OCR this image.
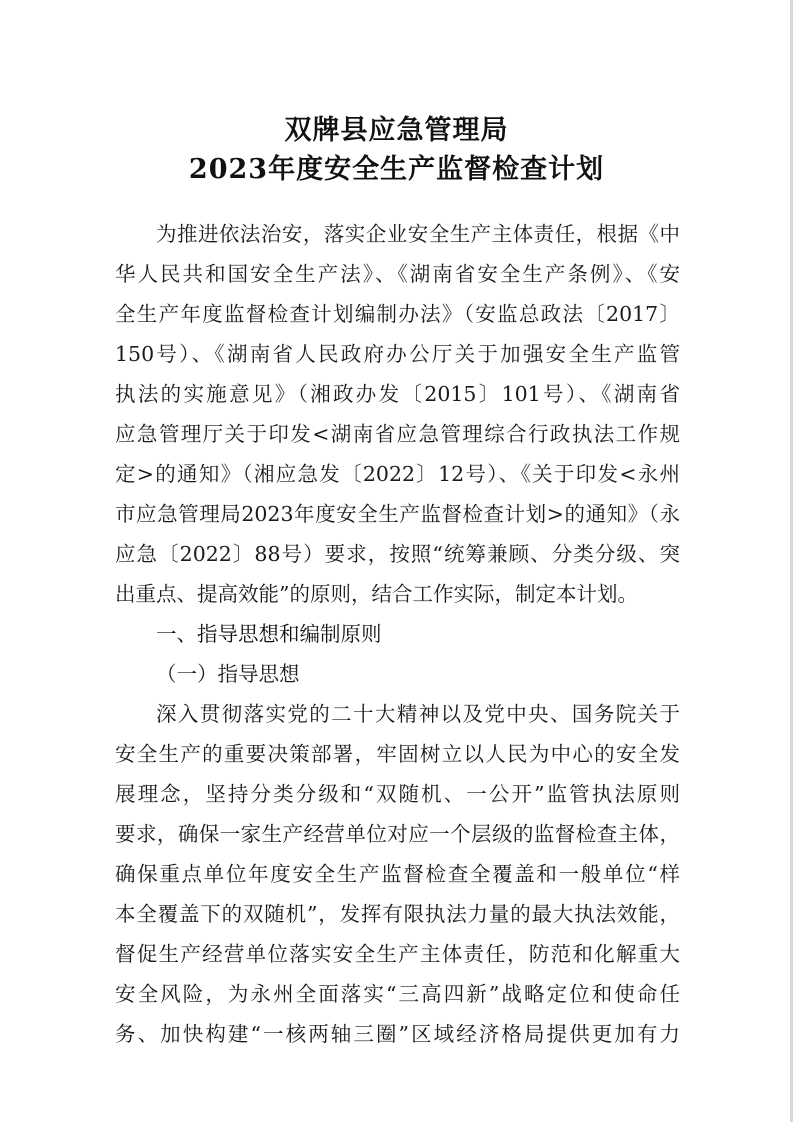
双牌县应急管理局
2023年度安全生产监督检查计划
为推进依法治安，落实企业安全生产主体责任，根据《中
华人民共和国安全生产法》、《湖南省安全生产条例》、《安
全生产年度监督检查计划编制办法》（安监总政法〔2017〕
150号）、《湖南省人民政府办公厅关于加强安全生产监管
执法的实施意见》（湘政办发〔2015〕101号）、《湖南省
应急管理厅关于印发<湖南省应急管理综合行政执法工作规
定>的通知》（湘应急发〔2022〕12号）、《关于印发<永州
市应急管理局2023年度安全生产监督检查计划>的通知》（永
应急〔2022〕88号）要求，按照“统筹兼顾、分类分级、突
出重点、提高效能”的原则，结合工作实际，制定本计划。
一、指导思想和编制原则
（一）指导思想
深入贯彻落实党的二十大精神以及党中央、国务院关于
安全生产的重要决策部署，牢固树立以人民为中心的安全发
展理念，坚持分类分级和“双随机、一公开”监管执法原则
要求，确保一家生产经营单位对应一个层级的监督检查主体，
确保重点单位年度安全生产监督检查全覆盖和一般单位“样
本全覆盖下的双随机”，发挥有限执法力量的最大执法效能，
督促生产经营单位落实安全生产主体责任，防范和化解重大
安全风险，为永州全面落实“三高四新”战略定位和使命任
务、加快构建“一核两轴三圈”区域经济格局提供更加有力
